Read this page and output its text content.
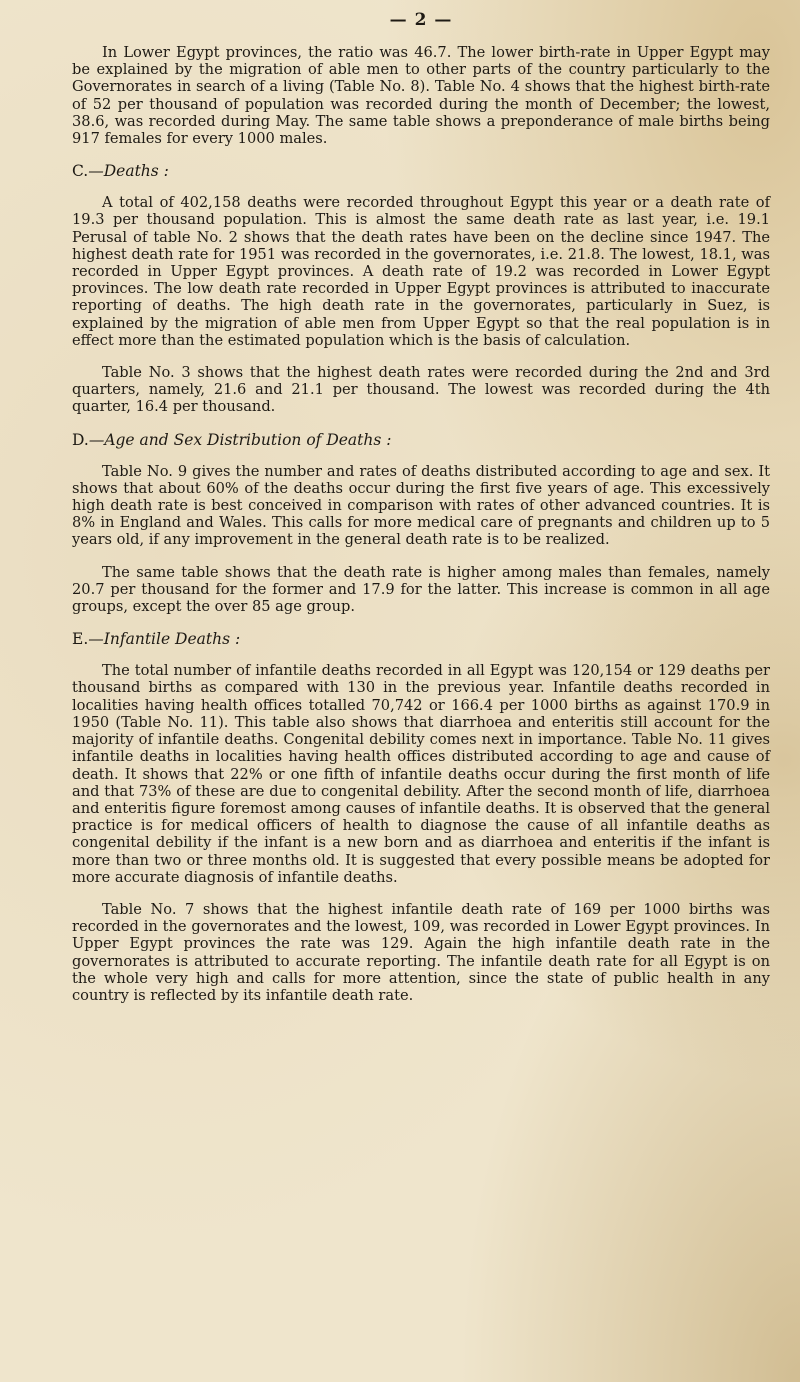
— 2 —

In Lower Egypt provinces, the ratio was 46.7. The lower birth-rate in Upper Egypt may be explained by the migration of able men to other parts of the country particularly to the Governorates in search of a living (Table No. 8). Table No. 4 shows that the highest birth-rate of 52 per thousand of population was recorded during the month of December; the lowest, 38.6, was recorded during May. The same table shows a preponderance of male births being 917 females for every 1000 males.

C.—Deaths :

A total of 402,158 deaths were recorded throughout Egypt this year or a death rate of 19.3 per thousand population. This is almost the same death rate as last year, i.e. 19.1 Perusal of table No. 2 shows that the death rates have been on the decline since 1947. The highest death rate for 1951 was recorded in the governorates, i.e. 21.8. The lowest, 18.1, was recorded in Upper Egypt provinces. A death rate of 19.2 was recorded in Lower Egypt provinces. The low death rate recorded in Upper Egypt provinces is attributed to inaccurate reporting of deaths. The high death rate in the governorates, particularly in Suez, is explained by the migration of able men from Upper Egypt so that the real population is in effect more than the estimated population which is the basis of calculation.

Table No. 3 shows that the highest death rates were recorded during the 2nd and 3rd quarters, namely, 21.6 and 21.1 per thousand. The lowest was recorded during the 4th quarter, 16.4 per thousand.

D.—Age and Sex Distribution of Deaths :

Table No. 9 gives the number and rates of deaths distributed according to age and sex. It shows that about 60% of the deaths occur during the first five years of age. This excessively high death rate is best conceived in comparison with rates of other advanced countries. It is 8% in England and Wales. This calls for more medical care of pregnants and children up to 5 years old, if any improvement in the general death rate is to be realized.

The same table shows that the death rate is higher among males than females, namely 20.7 per thousand for the former and 17.9 for the latter. This increase is common in all age groups, except the over 85 age group.

E.—Infantile Deaths :

The total number of infantile deaths recorded in all Egypt was 120,154 or 129 deaths per thousand births as compared with 130 in the previous year. Infantile deaths recorded in localities having health offices totalled 70,742 or 166.4 per 1000 births as against 170.9 in 1950 (Table No. 11). This table also shows that diarrhoea and enteritis still account for the majority of infantile deaths. Congenital debility comes next in importance. Table No. 11 gives infantile deaths in localities having health offices distributed according to age and cause of death. It shows that 22% or one fifth of infantile deaths occur during the first month of life and that 73% of these are due to congenital debility. After the second month of life, diarrhoea and enteritis figure foremost among causes of infantile deaths. It is observed that the general practice is for medical officers of health to diagnose the cause of all infantile deaths as congenital debility if the infant is a new born and as diarrhoea and enteritis if the infant is more than two or three months old. It is suggested that every possible means be adopted for more accurate diagnosis of infantile deaths.

Table No. 7 shows that the highest infantile death rate of 169 per 1000 births was recorded in the governorates and the lowest, 109, was recorded in Lower Egypt provinces. In Upper Egypt provinces the rate was 129. Again the high infantile death rate in the governorates is attributed to accurate reporting. The infantile death rate for all Egypt is on the whole very high and calls for more attention, since the state of public health in any country is reflected by its infantile death rate.
